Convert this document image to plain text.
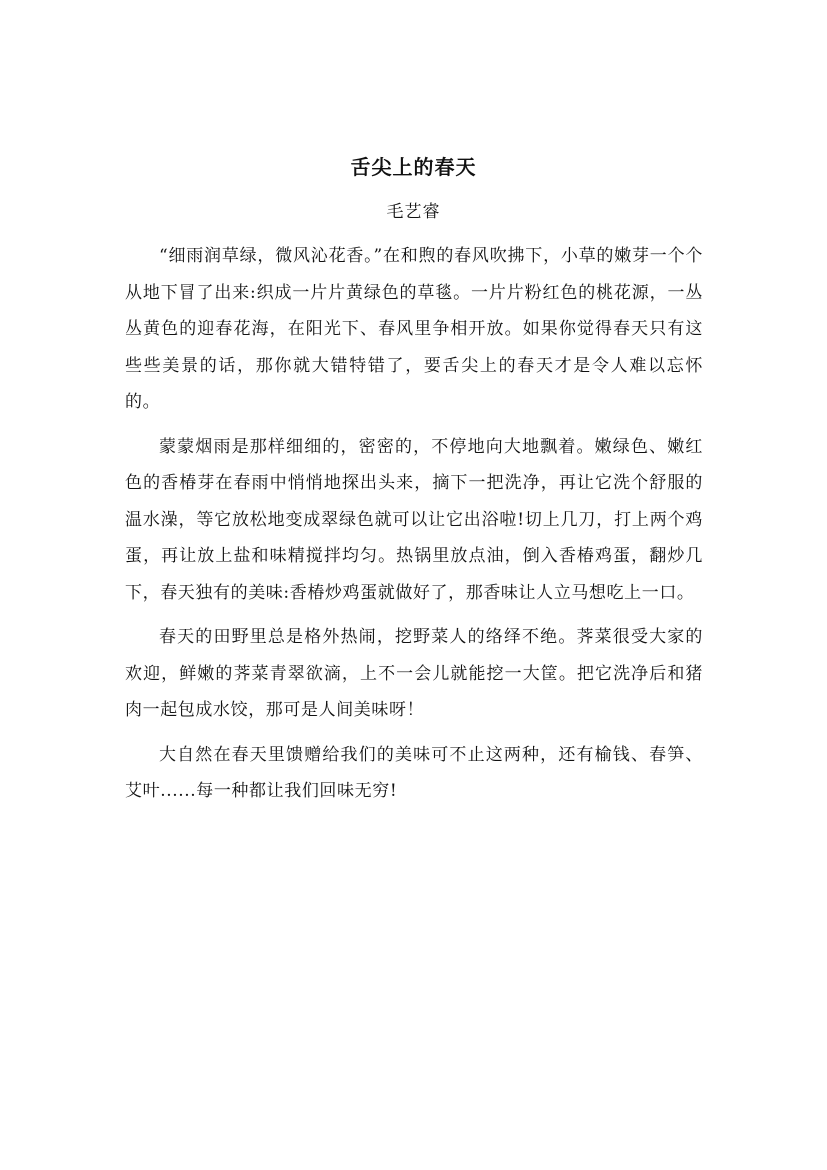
舌尖上的春天
毛艺睿

“细雨润草绿，微风沁花香。”在和煦的春风吹拂下，小草的嫩芽一个个从地下冒了出来:织成一片片黄绿色的草毯。一片片粉红色的桃花源，一丛丛黄色的迎春花海，在阳光下、春风里争相开放。如果你觉得春天只有这些些美景的话，那你就大错特错了，要舌尖上的春天才是令人难以忘怀的。

蒙蒙烟雨是那样细细的，密密的，不停地向大地飘着。嫩绿色、嫩红色的香椿芽在春雨中悄悄地探出头来，摘下一把洗净，再让它洗个舒服的温水澡，等它放松地变成翠绿色就可以让它出浴啦!切上几刀，打上两个鸡蛋，再让放上盐和味精搅拌均匀。热锅里放点油，倒入香椿鸡蛋，翻炒几下，春天独有的美味:香椿炒鸡蛋就做好了，那香味让人立马想吃上一口。

春天的田野里总是格外热闹，挖野菜人的络绎不绝。荠菜很受大家的欢迎，鲜嫩的荠菜青翠欲滴，上不一会儿就能挖一大筐。把它洗净后和猪肉一起包成水饺，那可是人间美味呀！

大自然在春天里馈赠给我们的美味可不止这两种，还有榆钱、春笋、艾叶......每一种都让我们回味无穷!
